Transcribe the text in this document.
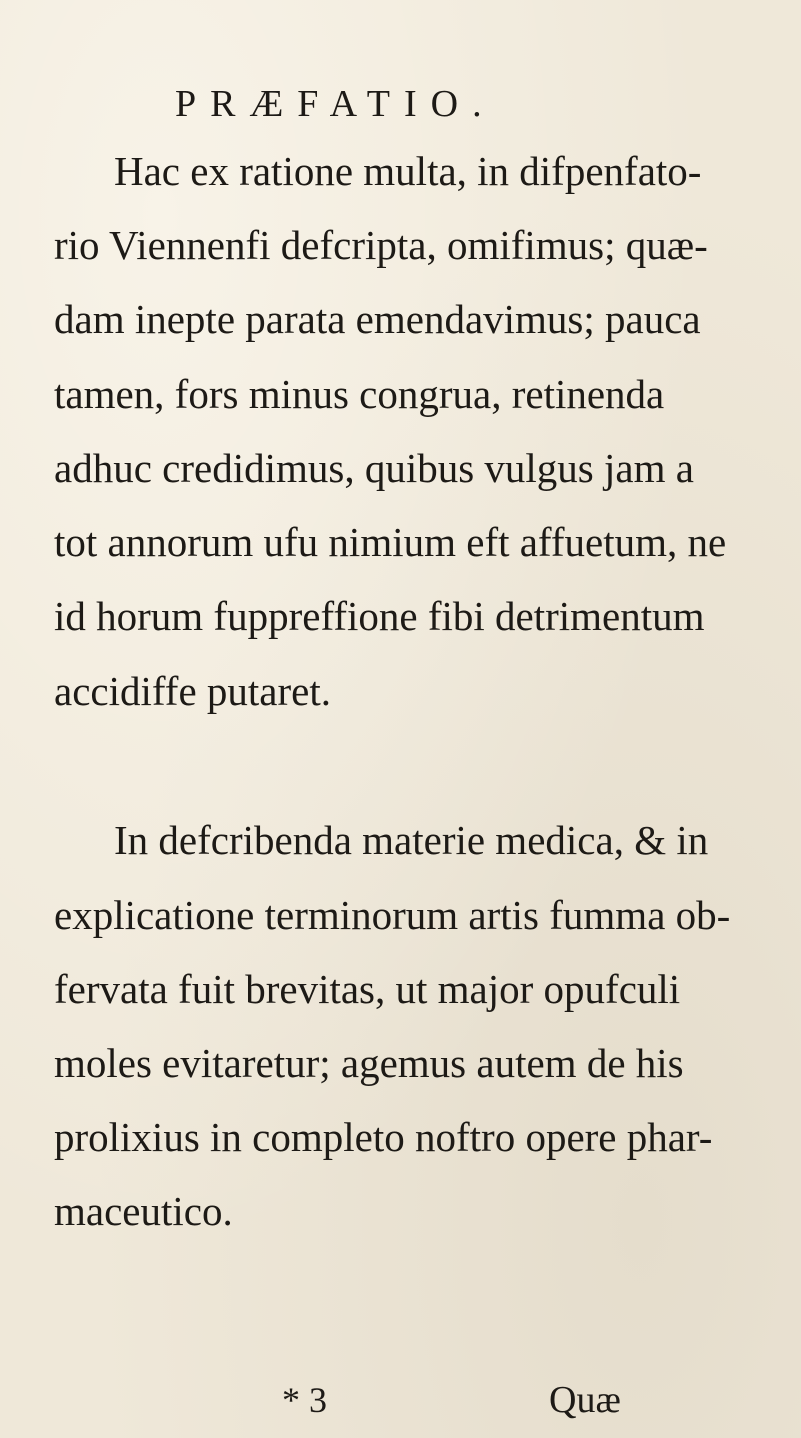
PRÆFATIO.
Hac ex ratione multa, in difpenfato-
rio Viennenfi defcripta, omifimus; quæ-
dam inepte parata emendavimus; pauca
tamen, fors minus congrua, retinenda
adhuc credidimus, quibus vulgus jam a
tot annorum ufu nimium eft affuetum, ne
id horum fuppreffione fibi detrimentum
accidiffe putaret.
In defcribenda materie medica, & in
explicatione terminorum artis fumma ob-
fervata fuit brevitas, ut major opufculi
moles evitaretur; agemus autem de his
prolixius in completo noftro opere phar-
maceutico.
* 3	Quæ
